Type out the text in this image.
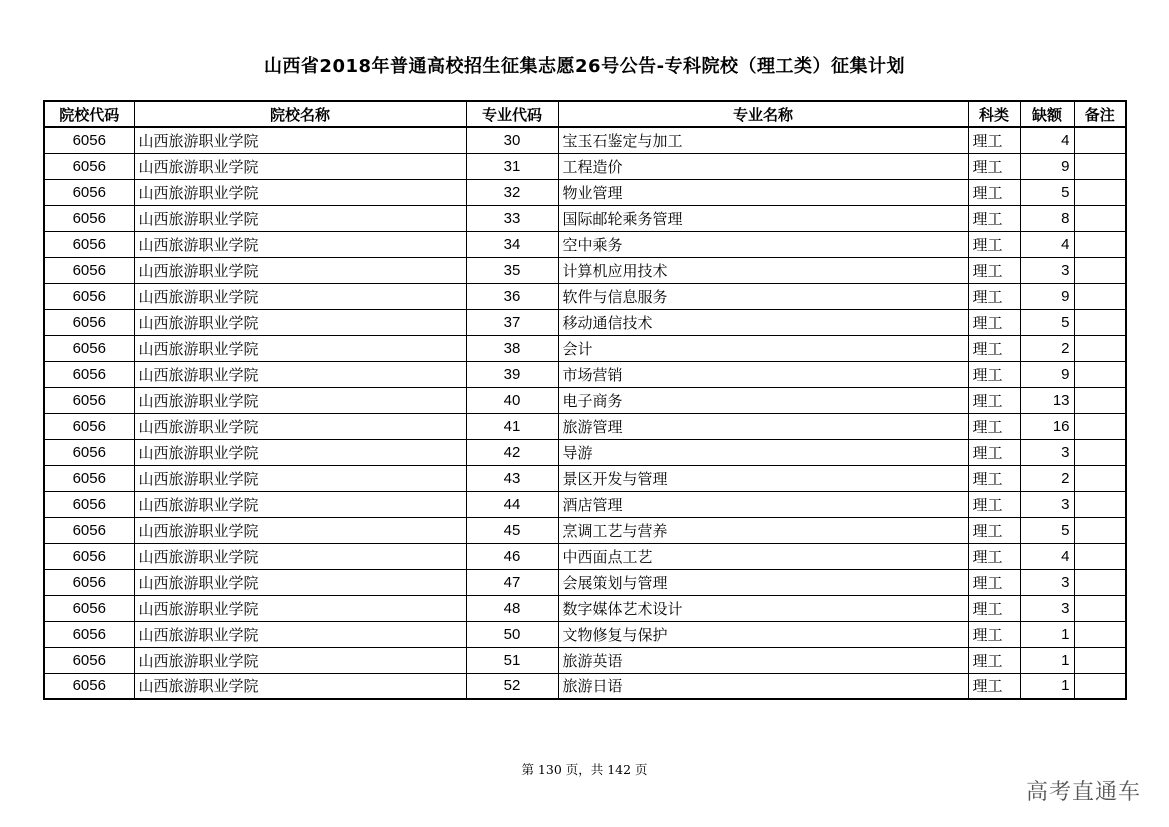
山西省2018年普通高校招生征集志愿26号公告-专科院校（理工类）征集计划
院校代码	院校名称	专业代码	专业名称	科类	缺额	备注
6056	山西旅游职业学院	30	宝玉石鉴定与加工	理工	4	
6056	山西旅游职业学院	31	工程造价	理工	9	
6056	山西旅游职业学院	32	物业管理	理工	5	
6056	山西旅游职业学院	33	国际邮轮乘务管理	理工	8	
6056	山西旅游职业学院	34	空中乘务	理工	4	
6056	山西旅游职业学院	35	计算机应用技术	理工	3	
6056	山西旅游职业学院	36	软件与信息服务	理工	9	
6056	山西旅游职业学院	37	移动通信技术	理工	5	
6056	山西旅游职业学院	38	会计	理工	2	
6056	山西旅游职业学院	39	市场营销	理工	9	
6056	山西旅游职业学院	40	电子商务	理工	13	
6056	山西旅游职业学院	41	旅游管理	理工	16	
6056	山西旅游职业学院	42	导游	理工	3	
6056	山西旅游职业学院	43	景区开发与管理	理工	2	
6056	山西旅游职业学院	44	酒店管理	理工	3	
6056	山西旅游职业学院	45	烹调工艺与营养	理工	5	
6056	山西旅游职业学院	46	中西面点工艺	理工	4	
6056	山西旅游职业学院	47	会展策划与管理	理工	3	
6056	山西旅游职业学院	48	数字媒体艺术设计	理工	3	
6056	山西旅游职业学院	50	文物修复与保护	理工	1	
6056	山西旅游职业学院	51	旅游英语	理工	1	
6056	山西旅游职业学院	52	旅游日语	理工	1	
第 130 页，共 142 页
高考直通车
